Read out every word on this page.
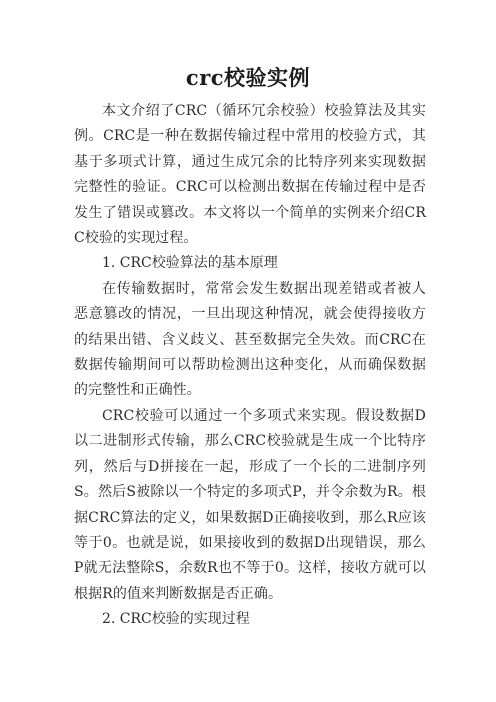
crc校验实例

本文介绍了CRC（循环冗余校验）校验算法及其实例。CRC是一种在数据传输过程中常用的校验方式，其基于多项式计算，通过生成冗余的比特序列来实现数据完整性的验证。CRC可以检测出数据在传输过程中是否发生了错误或篡改。本文将以一个简单的实例来介绍CRC校验的实现过程。

1. CRC校验算法的基本原理

在传输数据时，常常会发生数据出现差错或者被人恶意篡改的情况，一旦出现这种情况，就会使得接收方的结果出错、含义歧义、甚至数据完全失效。而CRC在数据传输期间可以帮助检测出这种变化，从而确保数据的完整性和正确性。

CRC校验可以通过一个多项式来实现。假设数据D以二进制形式传输，那么CRC校验就是生成一个比特序列，然后与D拼接在一起，形成了一个长的二进制序列S。然后S被除以一个特定的多项式P，并令余数为R。根据CRC算法的定义，如果数据D正确接收到，那么R应该等于0。也就是说，如果接收到的数据D出现错误，那么P就无法整除S，余数R也不等于0。这样，接收方就可以根据R的值来判断数据是否正确。

2. CRC校验的实现过程
